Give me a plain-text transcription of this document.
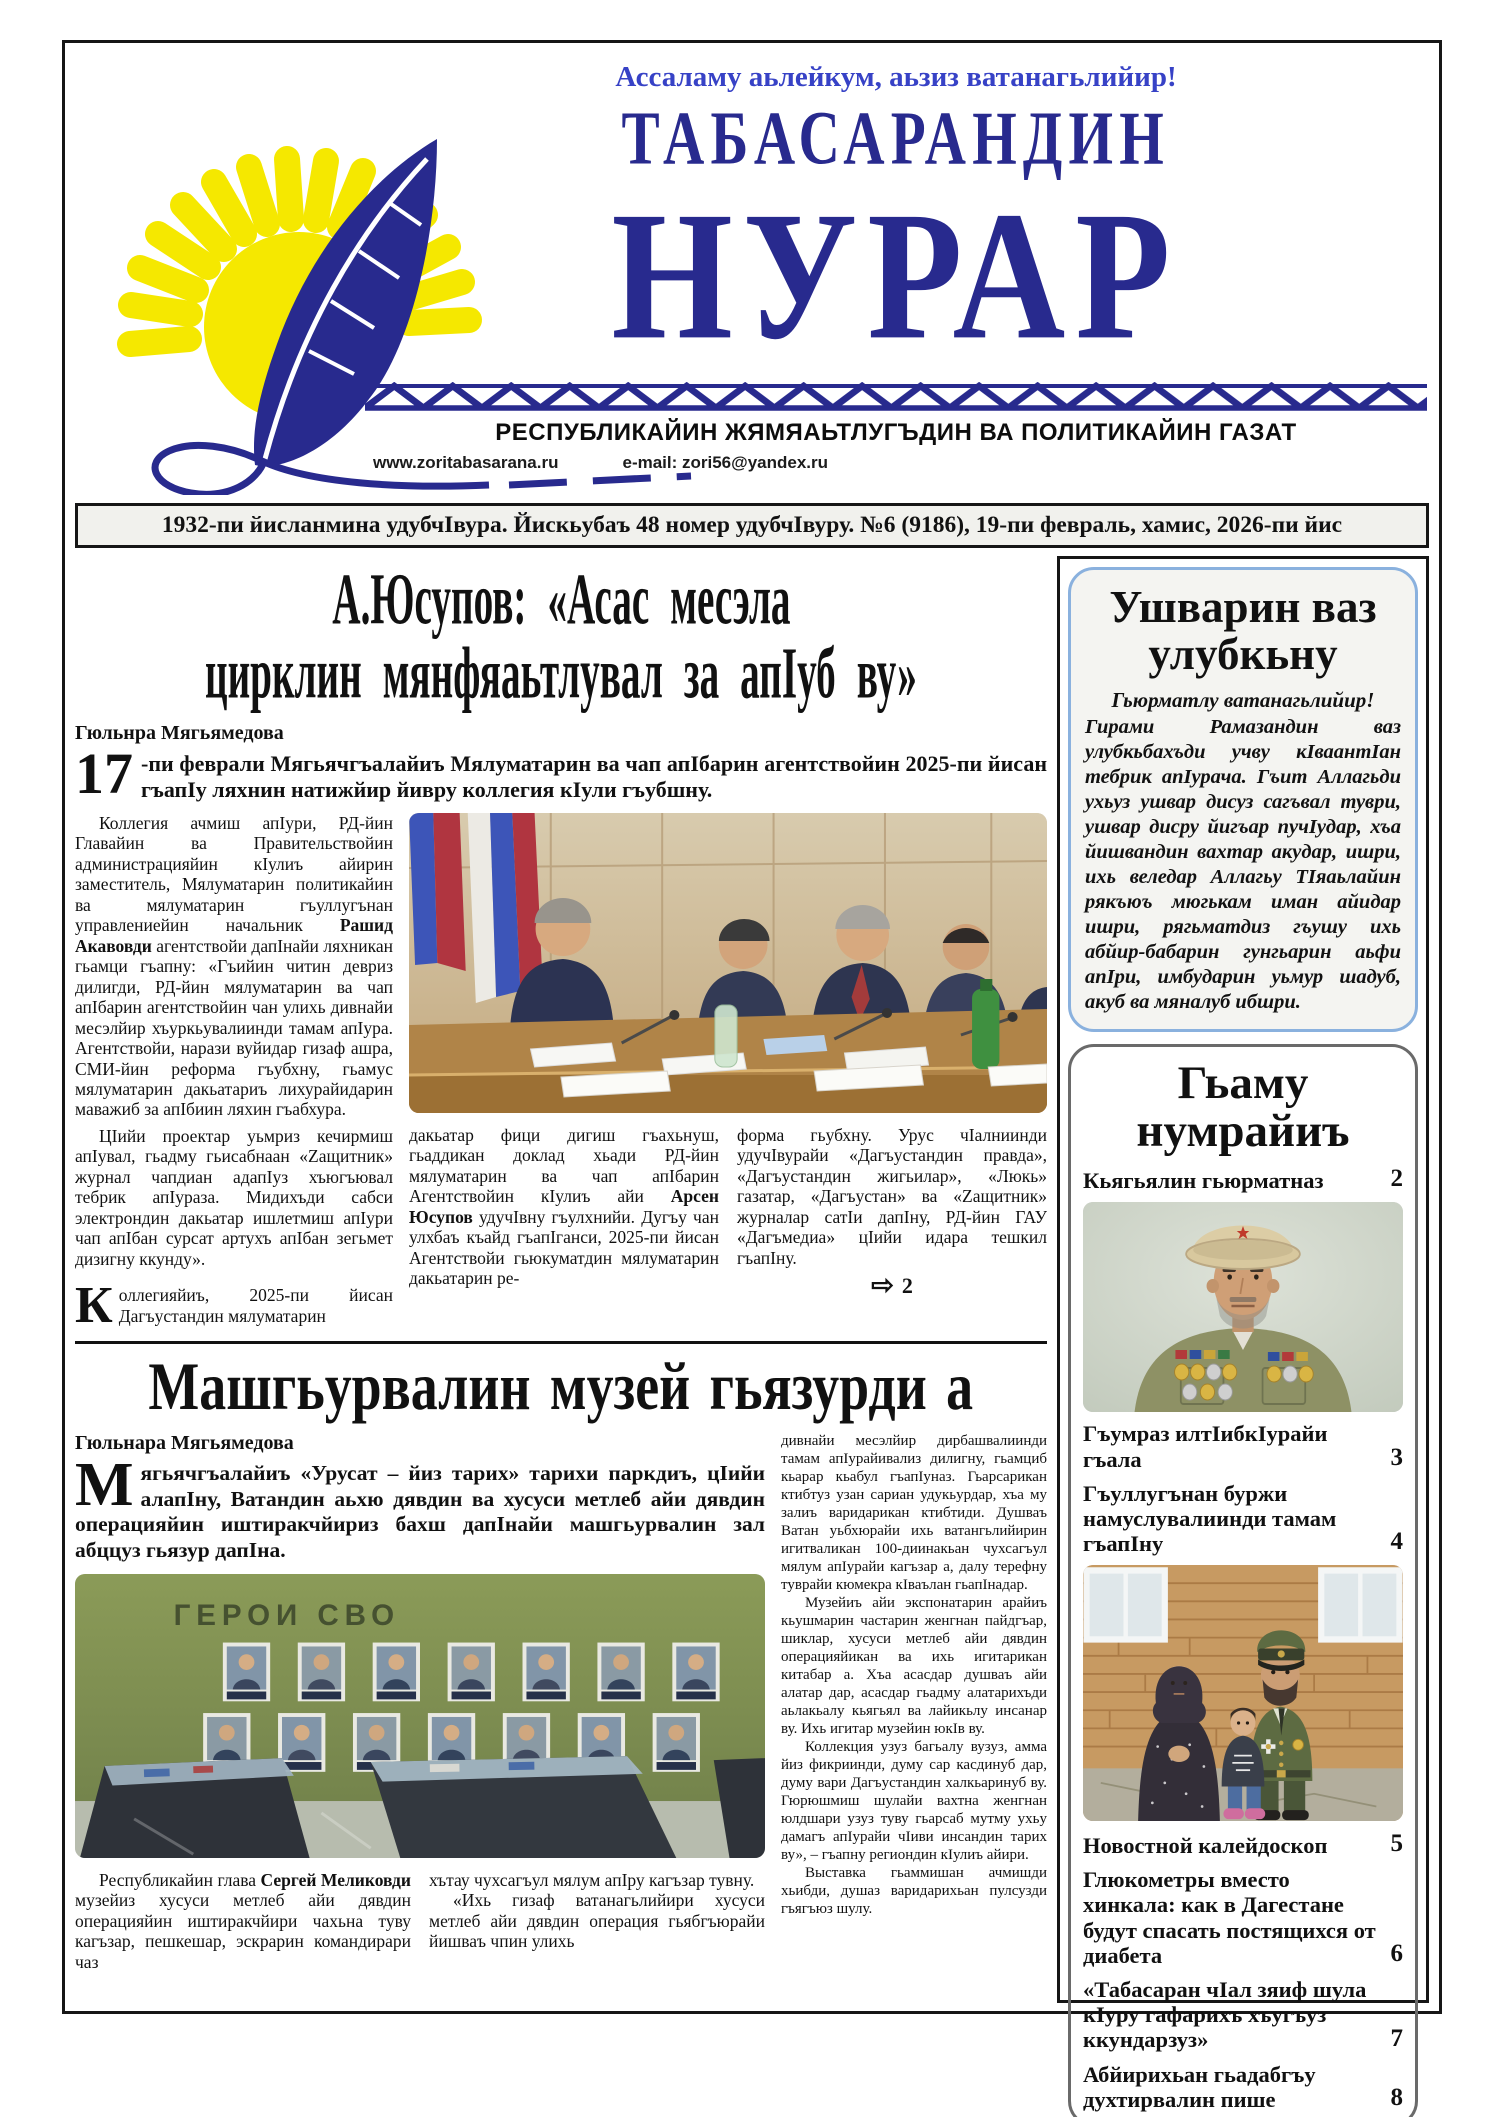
Ассаламу аьлейкум, аьзиз ватанагьлийир!
ТАБАСАРАНДИН
НУРАР
РЕСПУБЛИКАЙИН ЖЯМЯАЬТЛУГЪДИН ВА ПОЛИТИКАЙИН ГАЗАТ
www.zoritabasarana.ru	e-mail: zori56@yandex.ru
1932-пи йисланмина удубчIвура. Йискьубаъ 48 номер удубчIвуру. №6 (9186), 19-пи февраль, хамис, 2026-пи йис
А.Юсупов: «Асас месэла
цирклин мянфяаьтлувал за апIуб ву»
Гюльнра Мягьямедова
17 -пи феврали Мягьячгъалайиъ Мялуматарин ва чап апIбарин агентствойин 2025-пи йисан гъапIу ляхнин натижйир йивру коллегия кIули гъубшну.

Коллегия ачмиш апIури, РД-йин Главайин ва Правительствойин администрацияйин кIулиъ айирин заместитель, Мялуматарин политикайин ва мялуматарин гъуллугънан управлениейин начальник Рашид Акавовди агентствойи дапIнайи ляхникан гьамци гъапну: «Гъийин читин девриз дилигди, РД-йин мялуматарин ва чап апIбарин агентствойин чан улихь дивнайи месэлйир хъуркьувалиинди тамам апIура. Агентствойи, нарази вуйидар гизаф ашра, СМИ-йин реформа гъубхну, гьамус мялуматарин дакьатариъ лихурайидарин маважиб за апIбиин ляхин гъабхура.

ЦIийи проектар уьмриз кечирмиш апIувал, гьадму гьисабнаан «Zащитник» журнал чапдиан адапIуз хъюгъювал тебрик апIураза. Мидихъди сабси электрондин дакьатар ишлетмиш апIури чап апIбан сурсат артухъ апIбан зегьмет дизигну ккунду».

К оллегияйиъ, 2025-пи йисан Дагъустандин мялуматарин

дакьатар фици дигиш гъахьнуш, гьаддикан доклад хьади РД-йин мялуматарин ва чап апIбарин Агентствойин кIулиъ айи Арсен Юсупов удучIвну гъулхнийи. Дугъу чан улхбаъ къайд гъапIганси, 2025-пи йисан Агентствойи гьюкуматдин мялуматарин дакьатарин ре-

форма гьубхну. Урус чIалниинди удучIвурайи «Дагъустандин правда», «Дагъустандин жигьилар», «Люкь» газатар, «Дагъустан» ва «Zащитник» журналар сатIи дапIну, РД-йин ГАУ «Дагъмедиа» цIийи идара тешкил гъапIну.

⇨ 2
Машгьурвалин музей гьязурди а
Гюльнара Мягьямедова
М ягьячгъалайиъ «Урусат – йиз тарих» тарихи паркдиъ, цIийи алапIну, Ватандин аьхю дявдин ва хусуси метлеб айи дявдин операцияйин иштиракчйириз бахш дапIнайи машгьурвалин зал абццуз гьязур дапIна.
ГЕРОИ СВО

Республикайин глава Сергей Меликовди музейиз хусуси метлеб айи дявдин операцияйин иштиракчйири чахьна туву кагъзар, пешкешар, эскрарин командирари чаз

хътау чухсагъул мялум апIру кагъзар тувну.

«Ихь гизаф ватанагьлийири хусуси метлеб айи дявдин операция гьябгъюрайи йишваъ чпин улихь

дивнайи месэлйир дирбашвалиинди тамам апIурайивализ дилигну, гьамциб кьарар кьабул гъапIуназ. Гьарсарикан ктибтуз узан сариан удукьурдар, хъа му залиъ варидарикан ктибтиди. Душваъ Ватан уьбхюрайи ихь ватангьлийирин игитваликан 100-диинакьан чухсагъул мялум апIурайи кагъзар а, далу терефну туврайи кюмекра кIваълан гьапIнадар.

Музейиъ айи экспонатарин арайиъ кьушмарин частарин женгнан пайдгъар, шиклар, хусуси метлеб айи дявдин операцияйикан ва ихь игитарикан китабар а. Хъа асасдар душваъ айи алатар дар, асасдар гьадму алатарихъди аьлакьалу кьягьял ва лайикьлу инсанар ву. Ихь игитар музейин юкIв ву.

Коллекция узуз багьалу вузуз, амма йиз фикриинди, думу сар касдинуб дар, думу вари Дагъустандин халкьаринуб ву. Гюрюшмиш шулайи вахтна женгнан юлдшари узуз туву гьарсаб мутму ухьу дамагъ апIурайи чIиви инсандин тарих ву», – гъапну региондин кIулиъ айири.

Выставка гьаммишан ачмишди хьибди, душаз варидарихьан пулсузди гъягъюз шулу.

Ушварин ваз
улубкьну
Гьюрматлу ватанагьлийир!
Гирами Рамазандин ваз улубкьбахъди учву кIваантIан тебрик апIурача. Гъит Аллагьди ухьуз ушвар дисуз сагъвал туври, ушвар дисру йигъар пучIудар, хъа йишвандин вахтар акудар, ишри, ихь веледар Аллагьу ТIяаьлайин рякъюъ мюгькам иман айидар ишри, рягьматдиз гъушу ихь абйир-бабарин гунгьарин аьфи апIри, имбударин уьмур шадуб, акуб ва мяналуб ибшри.
Гьаму
нумрайиъ
Кьягьялин гьюрматназ	2
Гъумраз илтIибкIурайи гъала	3
Гъуллугънан буржи намуслувалиинди тамам гъапIну	4
Новостной калейдоскоп	5
Глюкометры вместо хинкала: как в Дагестане будут спасать постящихся от диабета	6
«Табасаран чIал зяиф шула кIуру гафарихъ хъугъуз ккундарзуз»	7
Абйирихьан гьадабгъу духтирвалин пише	8
